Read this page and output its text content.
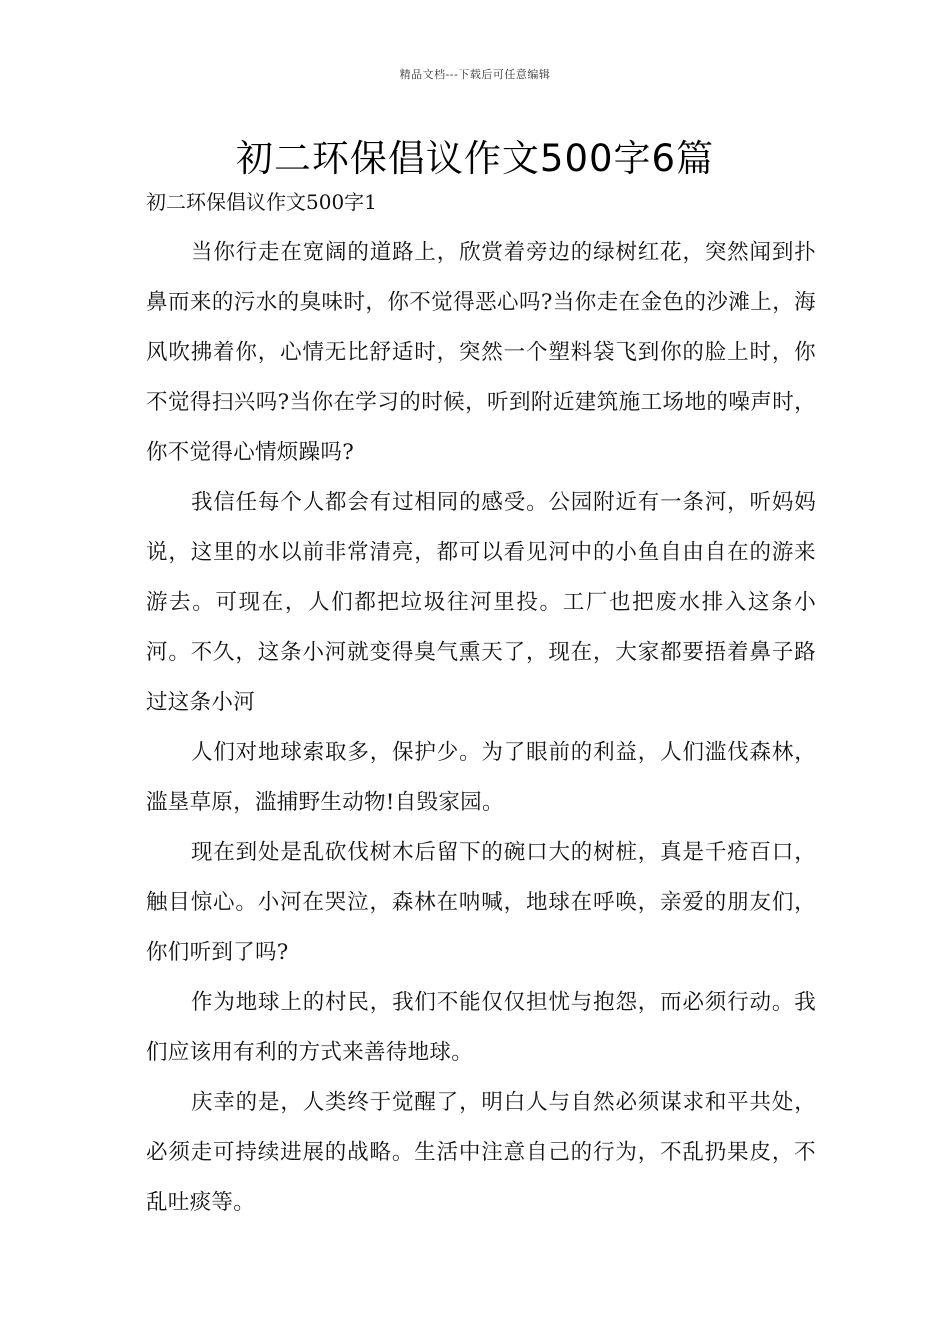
精品文档---下载后可任意编辑
初二环保倡议作文500字6篇
初二环保倡议作文500字1

当你行走在宽阔的道路上，欣赏着旁边的绿树红花，突然闻到扑鼻而来的污水的臭味时，你不觉得恶心吗?当你走在金色的沙滩上，海风吹拂着你，心情无比舒适时，突然一个塑料袋飞到你的脸上时，你不觉得扫兴吗?当你在学习的时候，听到附近建筑施工场地的噪声时，你不觉得心情烦躁吗?

我信任每个人都会有过相同的感受。公园附近有一条河，听妈妈说，这里的水以前非常清亮，都可以看见河中的小鱼自由自在的游来游去。可现在，人们都把垃圾往河里投。工厂也把废水排入这条小河。不久，这条小河就变得臭气熏天了，现在，大家都要捂着鼻子路过这条小河

人们对地球索取多，保护少。为了眼前的利益，人们滥伐森林，滥垦草原，滥捕野生动物!自毁家园。

现在到处是乱砍伐树木后留下的碗口大的树桩，真是千疮百口，触目惊心。小河在哭泣，森林在呐喊，地球在呼唤，亲爱的朋友们，你们听到了吗?

作为地球上的村民，我们不能仅仅担忧与抱怨，而必须行动。我们应该用有利的方式来善待地球。

庆幸的是，人类终于觉醒了，明白人与自然必须谋求和平共处，必须走可持续进展的战略。生活中注意自己的行为，不乱扔果皮，不乱吐痰等。
